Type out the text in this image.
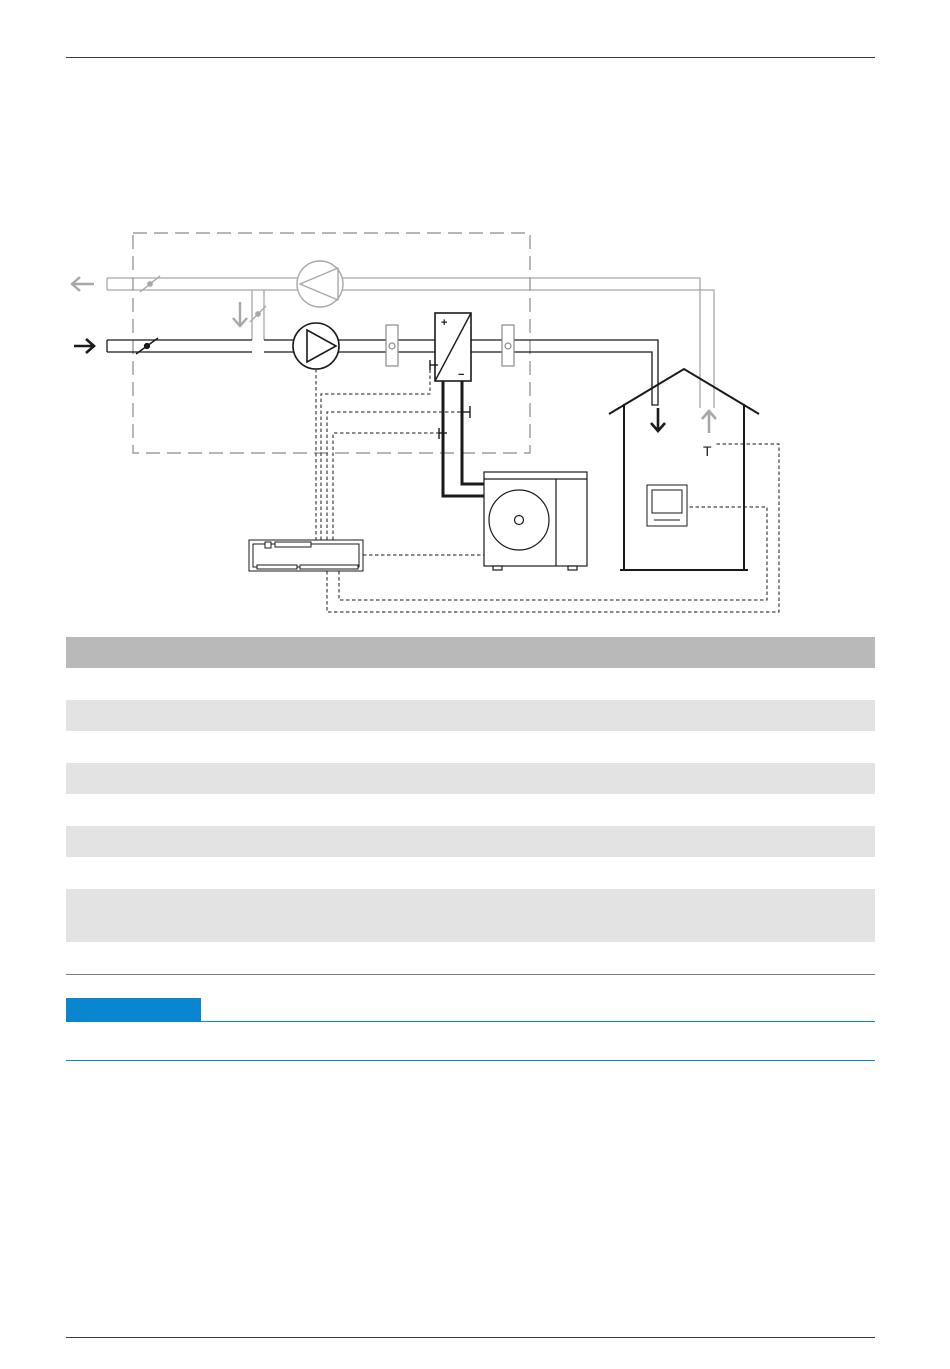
+
−
T
